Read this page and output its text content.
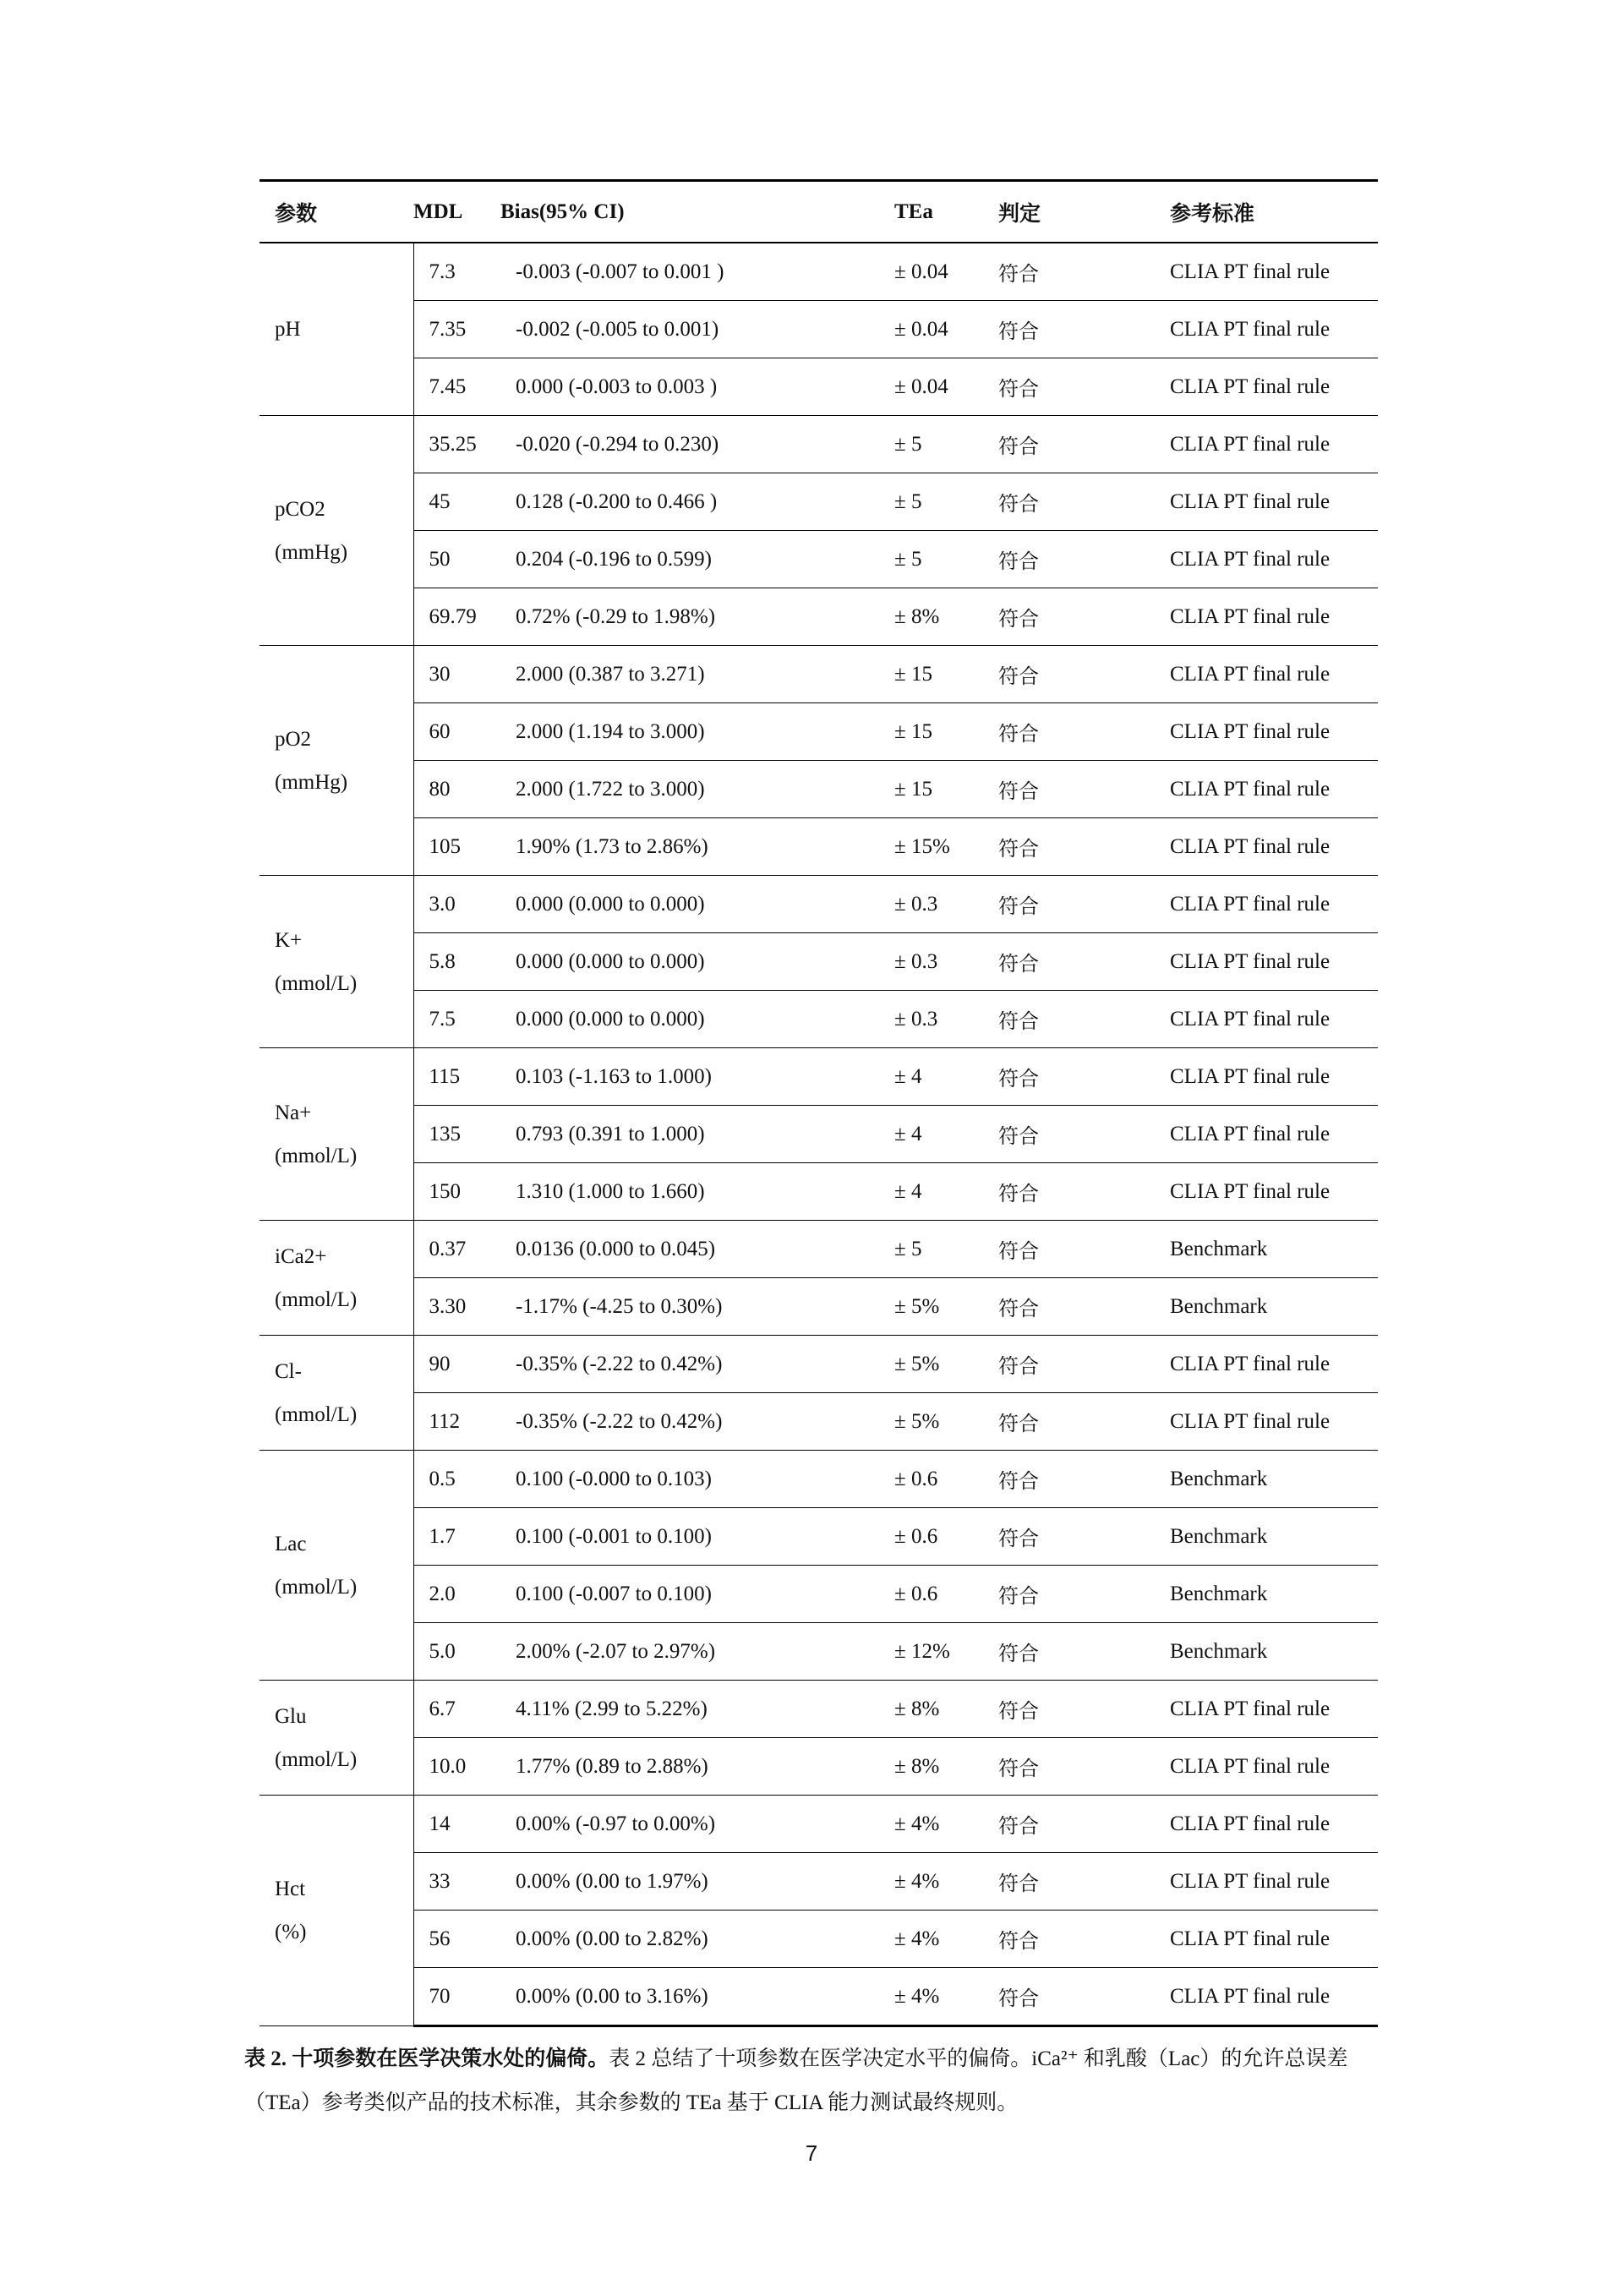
参数	MDL	Bias(95% CI)	TEa	判定	参考标准

pH	7.3	-0.003 (-0.007 to 0.001 )	± 0.04	符合	CLIA PT final rule
	7.35	-0.002 (-0.005 to 0.001)	± 0.04	符合	CLIA PT final rule
	7.45	0.000 (-0.003 to 0.003 )	± 0.04	符合	CLIA PT final rule

pCO2
(mmHg)	35.25	-0.020 (-0.294 to 0.230)	± 5	符合	CLIA PT final rule
	45	0.128 (-0.200 to 0.466 )	± 5	符合	CLIA PT final rule
	50	0.204 (-0.196 to 0.599)	± 5	符合	CLIA PT final rule
	69.79	0.72% (-0.29 to 1.98%)	± 8%	符合	CLIA PT final rule

pO2
(mmHg)	30	2.000 (0.387 to 3.271)	± 15	符合	CLIA PT final rule
	60	2.000 (1.194 to 3.000)	± 15	符合	CLIA PT final rule
	80	2.000 (1.722 to 3.000)	± 15	符合	CLIA PT final rule
	105	1.90% (1.73 to 2.86%)	± 15%	符合	CLIA PT final rule

K+
(mmol/L)	3.0	0.000 (0.000 to 0.000)	± 0.3	符合	CLIA PT final rule
	5.8	0.000 (0.000 to 0.000)	± 0.3	符合	CLIA PT final rule
	7.5	0.000 (0.000 to 0.000)	± 0.3	符合	CLIA PT final rule

Na+
(mmol/L)	115	0.103 (-1.163 to 1.000)	± 4	符合	CLIA PT final rule
	135	0.793 (0.391 to 1.000)	± 4	符合	CLIA PT final rule
	150	1.310 (1.000 to 1.660)	± 4	符合	CLIA PT final rule

iCa2+
(mmol/L)	0.37	0.0136 (0.000 to 0.045)	± 5	符合	Benchmark
	3.30	-1.17% (-4.25 to 0.30%)	± 5%	符合	Benchmark

Cl-
(mmol/L)	90	-0.35% (-2.22 to 0.42%)	± 5%	符合	CLIA PT final rule
	112	-0.35% (-2.22 to 0.42%)	± 5%	符合	CLIA PT final rule

Lac
(mmol/L)	0.5	0.100 (-0.000 to 0.103)	± 0.6	符合	Benchmark
	1.7	0.100 (-0.001 to 0.100)	± 0.6	符合	Benchmark
	2.0	0.100 (-0.007 to 0.100)	± 0.6	符合	Benchmark
	5.0	2.00% (-2.07 to 2.97%)	± 12%	符合	Benchmark

Glu
(mmol/L)	6.7	4.11% (2.99 to 5.22%)	± 8%	符合	CLIA PT final rule
	10.0	1.77% (0.89 to 2.88%)	± 8%	符合	CLIA PT final rule

Hct
(%)	14	0.00% (-0.97 to 0.00%)	± 4%	符合	CLIA PT final rule
	33	0.00% (0.00 to 1.97%)	± 4%	符合	CLIA PT final rule
	56	0.00% (0.00 to 2.82%)	± 4%	符合	CLIA PT final rule
	70	0.00% (0.00 to 3.16%)	± 4%	符合	CLIA PT final rule
表 2. 十项参数在医学决策水处的偏倚。表 2 总结了十项参数在医学决定水平的偏倚。iCa²⁺ 和乳酸（Lac）的允许总误差（TEa）参考类似产品的技术标准，其余参数的 TEa 基于 CLIA 能力测试最终规则。
7
